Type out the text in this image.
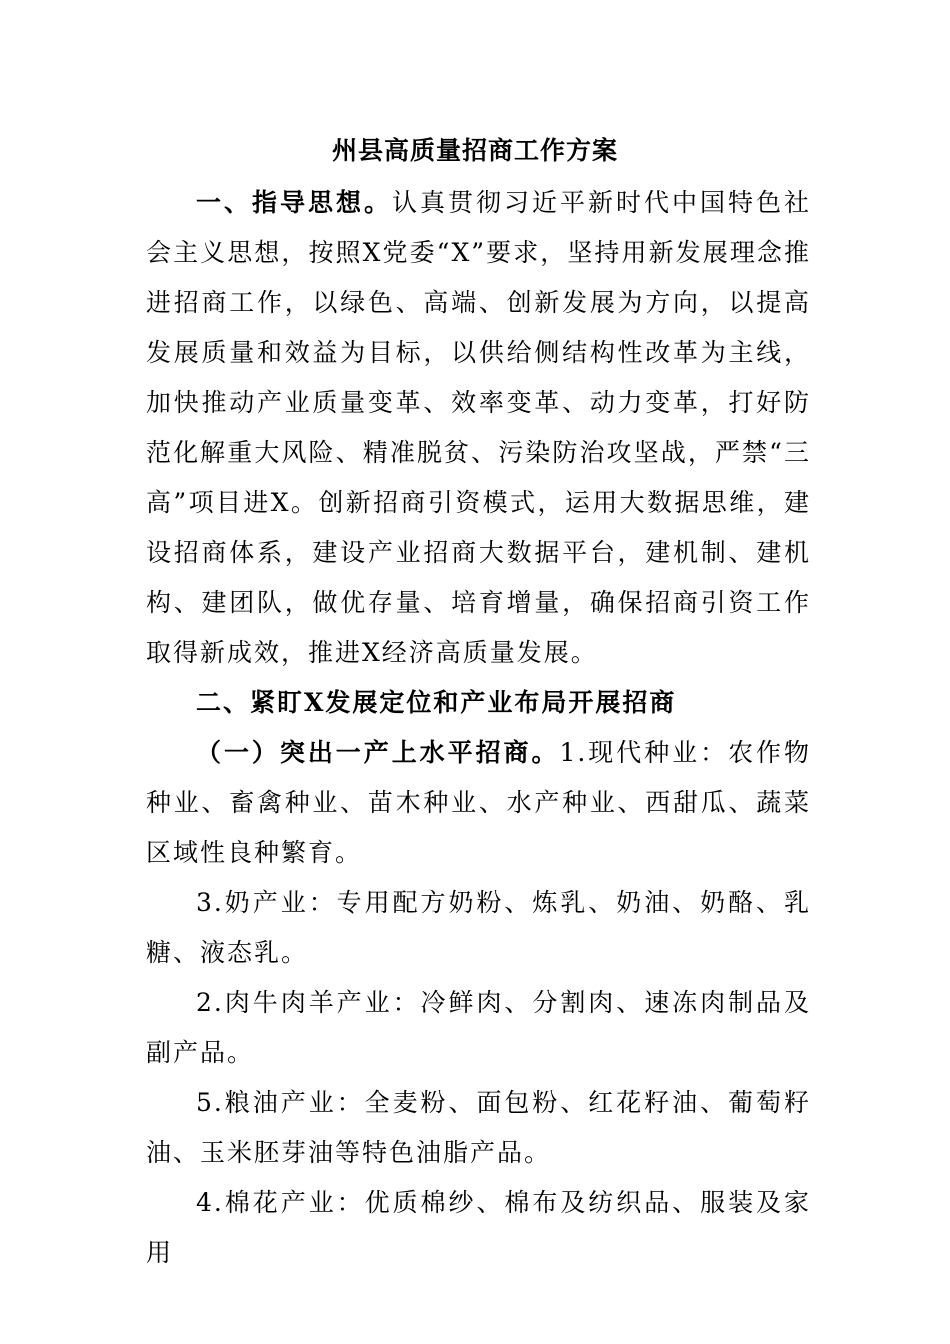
州县高质量招商工作方案

一、指导思想。认真贯彻习近平新时代中国特色社会主义思想，按照X党委“X”要求，坚持用新发展理念推进招商工作，以绿色、高端、创新发展为方向，以提高发展质量和效益为目标，以供给侧结构性改革为主线，加快推动产业质量变革、效率变革、动力变革，打好防范化解重大风险、精准脱贫、污染防治攻坚战，严禁“三高”项目进X。创新招商引资模式，运用大数据思维，建设招商体系，建设产业招商大数据平台，建机制、建机构、建团队，做优存量、培育增量，确保招商引资工作取得新成效，推进X经济高质量发展。

二、紧盯X发展定位和产业布局开展招商

（一）突出一产上水平招商。1.现代种业：农作物种业、畜禽种业、苗木种业、水产种业、西甜瓜、蔬菜区域性良种繁育。

3.奶产业：专用配方奶粉、炼乳、奶油、奶酪、乳糖、液态乳。

2.肉牛肉羊产业：冷鲜肉、分割肉、速冻肉制品及副产品。

5.粮油产业：全麦粉、面包粉、红花籽油、葡萄籽油、玉米胚芽油等特色油脂产品。

4.棉花产业：优质棉纱、棉布及纺织品、服装及家用
